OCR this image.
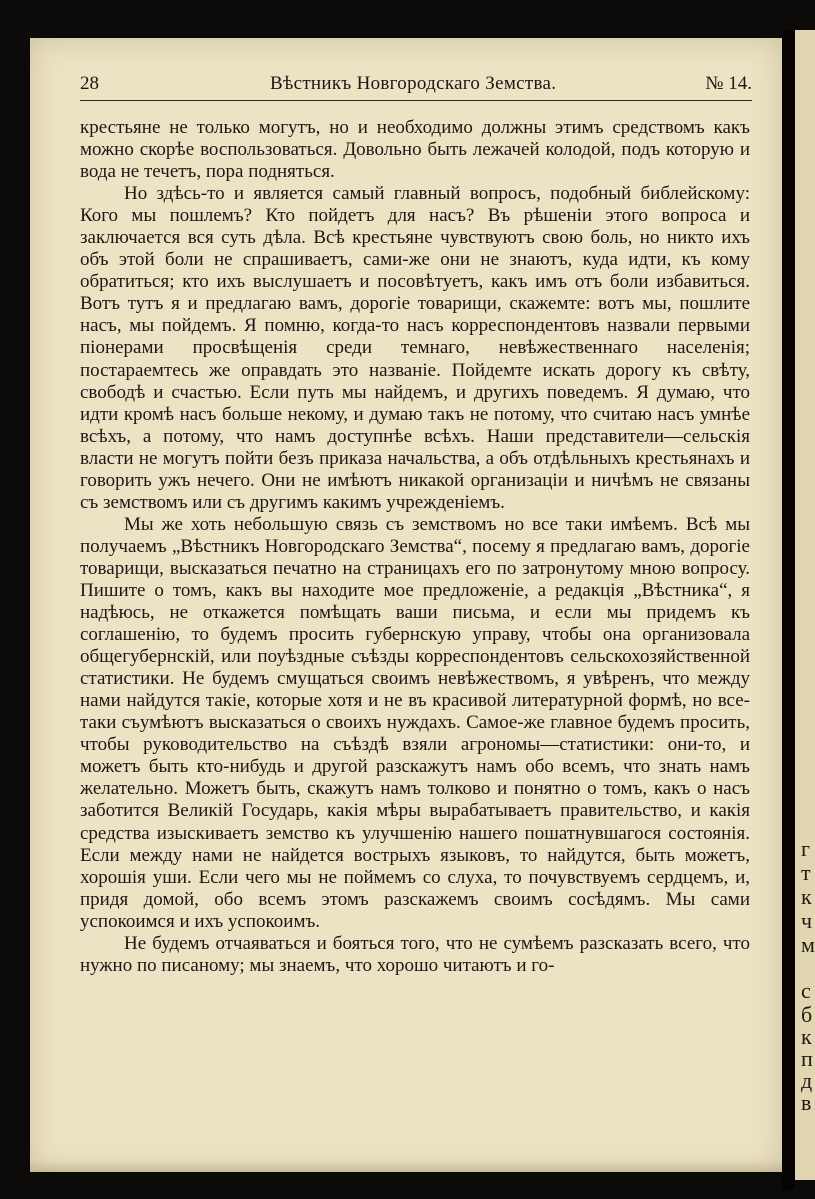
г
т
к
ч
м
с
б
к
п
д
в
28	Вѣстникъ Новгородскаго Земства.	№ 14.

крестьяне не только могутъ, но и необходимо должны этимъ средствомъ какъ можно скорѣе воспользоваться. Довольно быть лежачей колодой, подъ которую и вода не течетъ, пора подняться.

Но здѣсь-то и является самый главный вопросъ, подобный библейскому: Кого мы пошлемъ? Кто пойдетъ для насъ? Въ рѣшеніи этого вопроса и заключается вся суть дѣла. Всѣ крестьяне чувствуютъ свою боль, но никто ихъ объ этой боли не спрашиваетъ, сами-же они не знаютъ, куда идти, къ кому обратиться; кто ихъ выслушаетъ и посовѣтуетъ, какъ имъ отъ боли избавиться. Вотъ тутъ я и предлагаю вамъ, дорогіе товарищи, скажемте: вотъ мы, пошлите насъ, мы пойдемъ. Я помню, когда-то насъ корреспондентовъ назвали первыми піонерами просвѣщенія среди темнаго, невѣжественнаго населенія; постараемтесь же оправдать это названіе. Пойдемте искать дорогу къ свѣту, свободѣ и счастью. Если путь мы найдемъ, и другихъ поведемъ. Я думаю, что идти кромѣ насъ больше некому, и думаю такъ не потому, что считаю насъ умнѣе всѣхъ, а потому, что намъ доступнѣе всѣхъ. Наши представители—сельскія власти не могутъ пойти безъ приказа начальства, а объ отдѣльныхъ крестьянахъ и говорить ужъ нечего. Они не имѣютъ никакой организаціи и ничѣмъ не связаны съ земствомъ или съ другимъ какимъ учрежденіемъ.

Мы же хоть небольшую связь съ земствомъ но все таки имѣемъ. Всѣ мы получаемъ „Вѣстникъ Новгородскаго Земства“, посему я предлагаю вамъ, дорогіе товарищи, высказаться печатно на страницахъ его по затронутому мною вопросу. Пишите о томъ, какъ вы находите мое предложеніе, а редакція „Вѣстника“, я надѣюсь, не откажется помѣщать ваши письма, и если мы придемъ къ соглашенію, то будемъ просить губернскую управу, чтобы она организовала общегубернскій, или поуѣздные съѣзды корреспондентовъ сельскохозяйственной статистики. Не будемъ смущаться своимъ невѣжествомъ, я увѣренъ, что между нами найдутся такіе, которые хотя и не въ красивой литературной формѣ, но все-таки съумѣютъ высказаться о своихъ нуждахъ. Самое-же главное будемъ просить, чтобы руководительство на съѣздѣ взяли агрономы—статистики: они-то, и можетъ быть кто-нибудь и другой разскажутъ намъ обо всемъ, что знать намъ желательно. Можетъ быть, скажутъ намъ толково и понятно о томъ, какъ о насъ заботится Великій Государь, какія мѣры вырабатываетъ правительство, и какія средства изыскиваетъ земство къ улучшенію нашего пошатнувшагося состоянія. Если между нами не найдется вострыхъ языковъ, то найдутся, быть можетъ, хорошія уши. Если чего мы не поймемъ со слуха, то почувствуемъ сердцемъ, и, придя домой, обо всемъ этомъ разскажемъ своимъ сосѣдямъ. Мы сами успокоимся и ихъ успокоимъ.

Не будемъ отчаяваться и бояться того, что не сумѣемъ разсказать всего, что нужно по писаному; мы знаемъ, что хорошо читаютъ и го-
